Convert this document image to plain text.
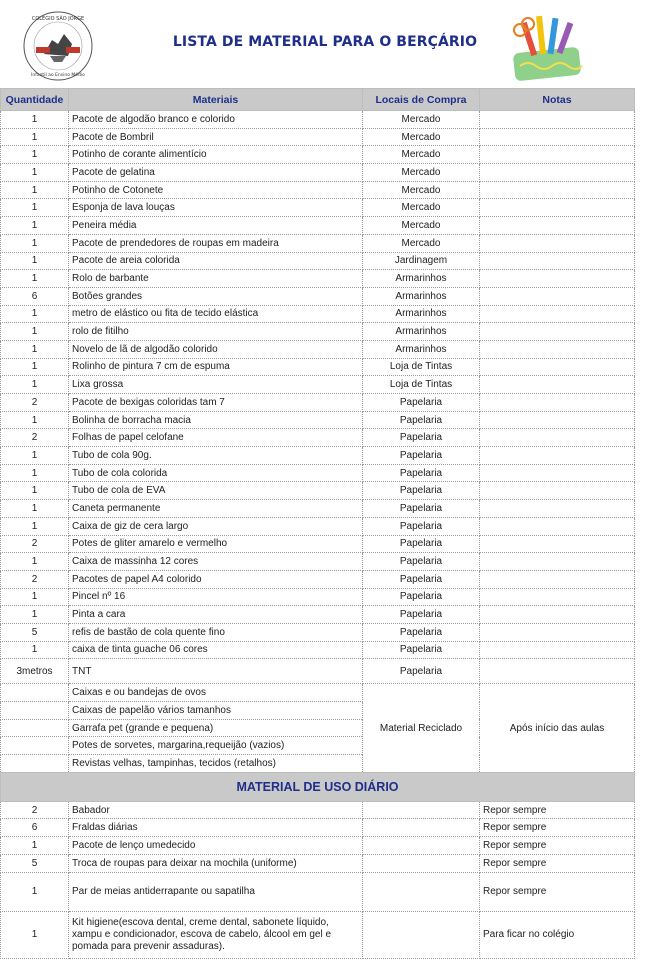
COLÉGIO SÃO JORGE
Infantil ao Ensino Médio
LISTA DE MATERIAL PARA O BERÇÁRIO
Quantidade	Materiais	Locais de Compra	Notas
1	Pacote de algodão branco e colorido	Mercado	
1	Pacote de Bombril	Mercado	
1	Potinho de corante alimentício	Mercado	
1	Pacote de gelatina	Mercado	
1	Potinho de Cotonete	Mercado	
1	Esponja de lava louças	Mercado	
1	Peneira média	Mercado	
1	Pacote de prendedores de roupas em madeira	Mercado	
1	Pacote de areia colorida	Jardinagem	
1	Rolo de barbante	Armarinhos	
6	Botões grandes	Armarinhos	
1	metro de elástico ou fita de tecido elástica	Armarinhos	
1	rolo de fitilho	Armarinhos	
1	Novelo de lã de algodão colorido	Armarinhos	
1	Rolinho de pintura 7 cm de espuma	Loja de Tintas	
1	Lixa grossa	Loja de Tintas	
2	Pacote de bexigas coloridas tam 7	Papelaria	
1	Bolinha de borracha macia	Papelaria	
2	Folhas de papel celofane	Papelaria	
1	Tubo de cola 90g.	Papelaria	
1	Tubo de cola colorida	Papelaria	
1	Tubo de cola de EVA	Papelaria	
1	Caneta permanente	Papelaria	
1	Caixa de giz de cera largo	Papelaria	
2	Potes de gliter amarelo e vermelho	Papelaria	
1	Caixa de massinha 12 cores	Papelaria	
2	Pacotes de papel A4 colorido	Papelaria	
1	Pincel nº 16	Papelaria	
1	Pinta a cara	Papelaria	
5	refis de bastão de cola quente fino	Papelaria	
1	caixa de tinta guache 06 cores	Papelaria	
3metros	TNT	Papelaria	
	Caixas e ou bandejas de ovos	Material Reciclado	Após início das aulas
	Caixas de papelão vários tamanhos		
	Garrafa pet (grande e pequena)		
	Potes de sorvetes, margarina,requeijão (vazios)		
	Revistas velhas, tampinhas, tecidos (retalhos)		
MATERIAL DE USO DIÁRIO			
2	Babador		Repor sempre
6	Fraldas diárias		Repor sempre
1	Pacote de lenço umedecido		Repor sempre
5	Troca de roupas para deixar na mochila (uniforme)		Repor sempre
1	Par de meias antiderrapante ou sapatilha		Repor sempre
1	Kit higiene(escova dental, creme dental, sabonete líquido, xampu e condicionador, escova de cabelo, álcool em gel e pomada para prevenir assaduras).		Para ficar no colégio
